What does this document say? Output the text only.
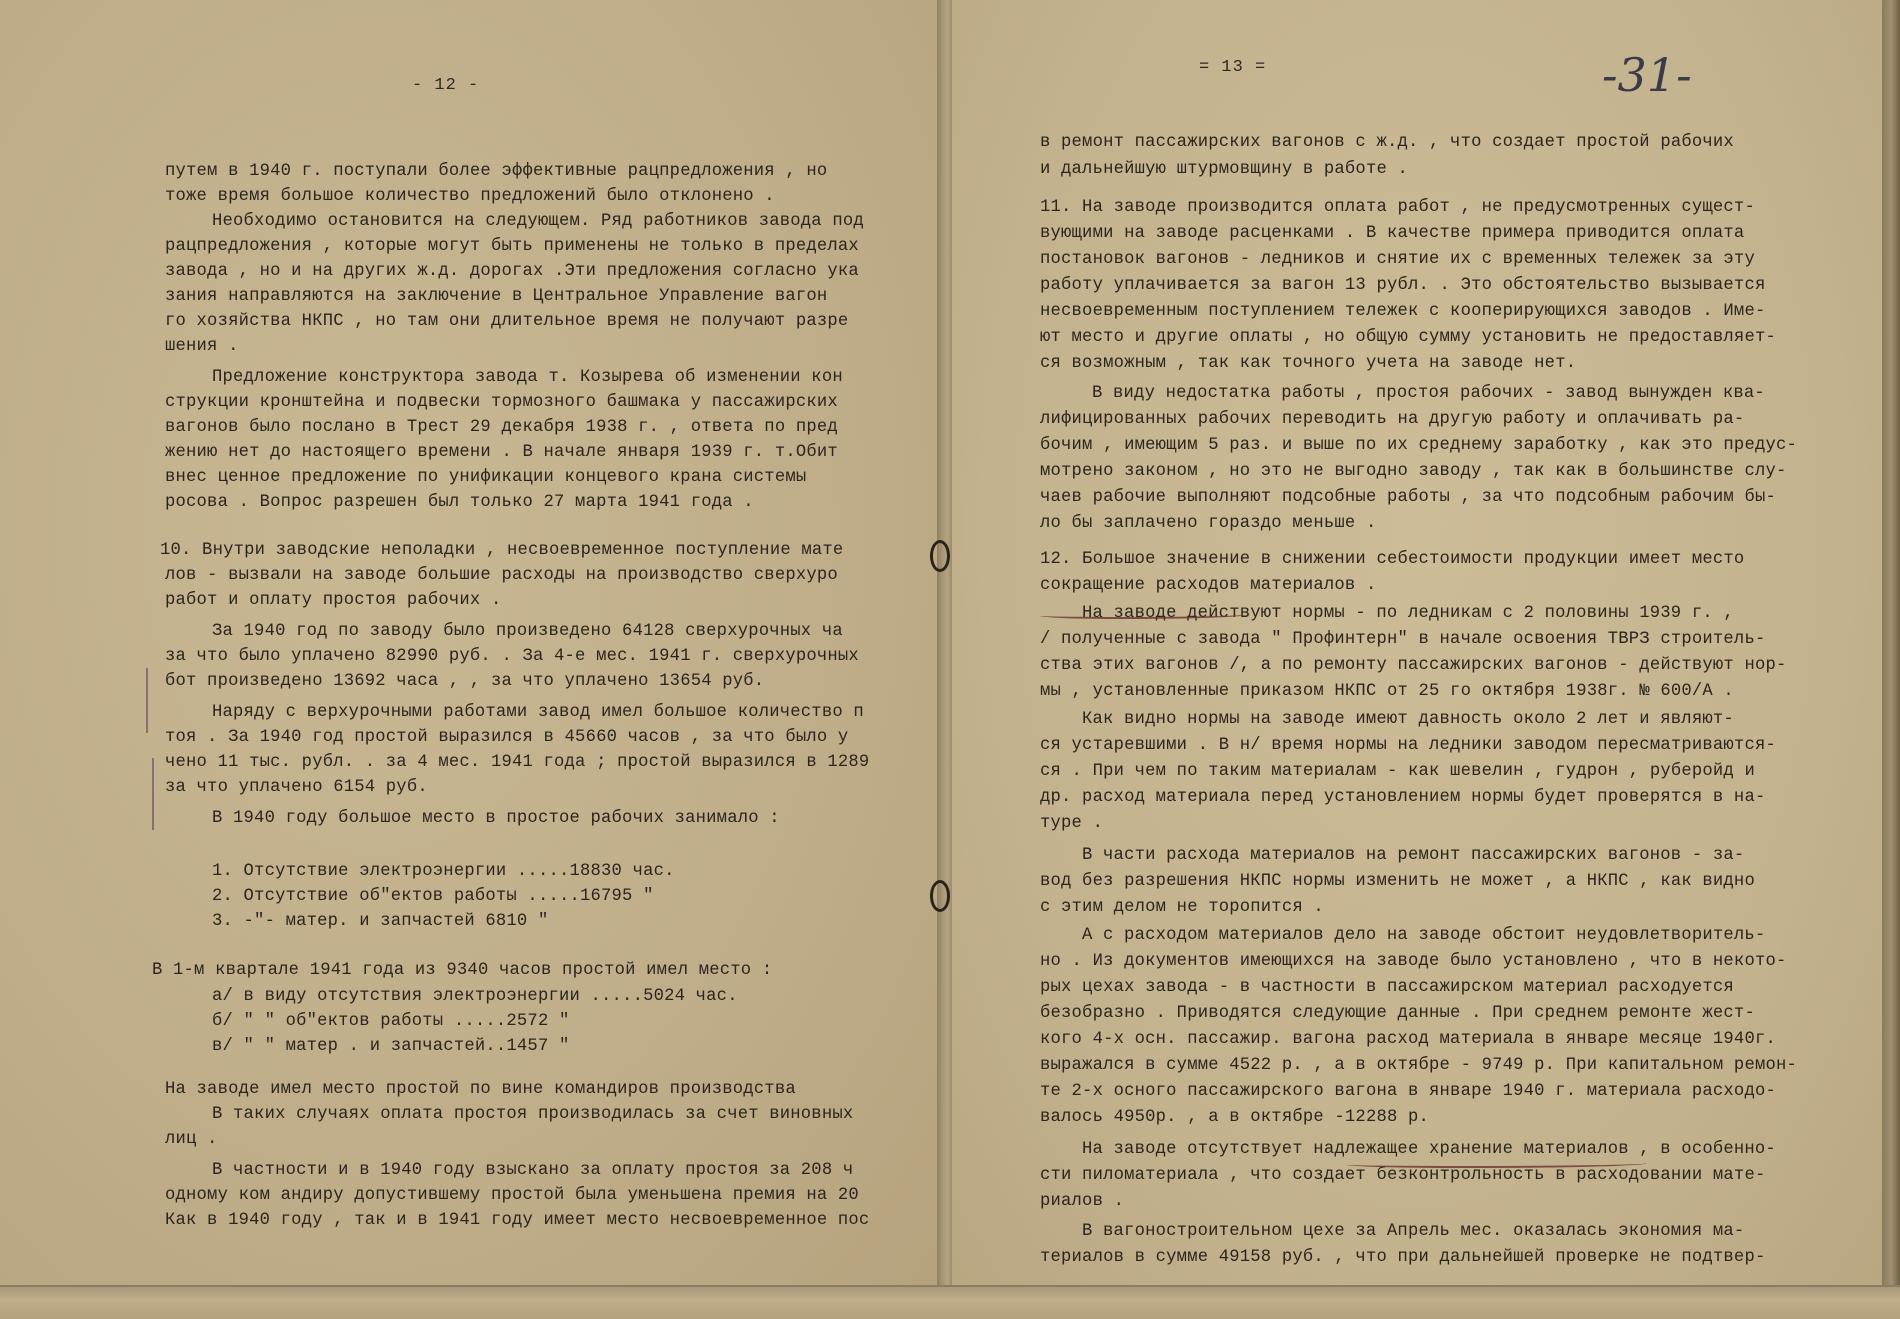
- 12 -
путем в 1940 г. поступали более эффективные рацпредложения , но
тоже время большое количество предложений было отклонено .
Необходимо остановится на следующем. Ряд работников завода под
рацпредложения , которые могут быть применены не только в пределах
завода , но и на других ж.д. дорогах .Эти предложения согласно ука
зания направляются на заключение в Центральное Управление вагон
го хозяйства НКПС , но там они длительное время не получают разре
шения .
Предложение конструктора завода т. Козырева об изменении кон
струкции кронштейна и подвески тормозного башмака у пассажирских
вагонов было послано в Трест 29 декабря 1938 г. , ответа по пред
жению нет до настоящего времени . В начале января 1939 г. т.Обит
внес ценное предложение по унификации концевого крана системы
росова . Вопрос разрешен был только 27 марта 1941 года .
10. Внутри заводские неполадки , несвоевременное поступление мате
лов - вызвали на заводе большие расходы на производство сверхуро
работ и оплату простоя рабочих .
За 1940 год по заводу было произведено 64128 сверхурочных ча
за что было уплачено 82990 руб. . За 4-е мес. 1941 г. сверхурочных
бот произведено 13692 часа , , за что уплачено 13654 руб.
Наряду с верхурочными работами завод имел большое количество п
тоя . За 1940 год простой выразился в 45660 часов , за что было у
чено 11 тыс. рубл. . за 4 мес. 1941 года ; простой выразился в 1289
за что уплачено 6154 руб.
В 1940 году большое место в простое рабочих занимало :
1. Отсутствие электроэнергии .....18830 час.
2. Отсутствие об"ектов работы .....16795 "
3. -"- матер. и запчастей 6810 "
В 1-м квартале 1941 года из 9340 часов простой имел место :
а/ в виду отсутствия электроэнергии .....5024 час.
б/ " " об"ектов работы .....2572 "
в/ " " матер . и запчастей..1457 "
На заводе имел место простой по вине командиров производства
В таких случаях оплата простоя производилась за счет виновных
лиц .
В частности и в 1940 году взыскано за оплату простоя за 208 ч
одному ком андиру допустившему простой была уменьшена премия на 20
Как в 1940 году , так и в 1941 году имеет место несвоевременное пос
= 13 =	-31-
в ремонт пассажирских вагонов с ж.д. , что создает простой рабочих
и дальнейшую штурмовщину в работе .
11. На заводе производится оплата работ , не предусмотренных сущест-
вующими на заводе расценками . В качестве примера приводится оплата
постановок вагонов - ледников и снятие их с временных тележек за эту
работу уплачивается за вагон 13 рубл. . Это обстоятельство вызывается
несвоевременным поступлением тележек с кооперирующихся заводов . Име-
ют место и другие оплаты , но общую сумму установить не предоставляет-
ся возможным , так как точного учета на заводе нет.
В виду недостатка работы , простоя рабочих - завод вынужден ква-
лифицированных рабочих переводить на другую работу и оплачивать ра-
бочим , имеющим 5 раз. и выше по их среднему заработку , как это предус-
мотрено законом , но это не выгодно заводу , так как в большинстве слу-
чаев рабочие выполняют подсобные работы , за что подсобным рабочим бы-
ло бы заплачено гораздо меньше .
12. Большое значение в снижении себестоимости продукции имеет место
сокращение расходов материалов .
На заводе действуют нормы - по ледникам с 2 половины 1939 г. ,
/ полученные с завода " Профинтерн" в начале освоения ТВРЗ строитель-
ства этих вагонов /, а по ремонту пассажирских вагонов - действуют нор-
мы , установленные приказом НКПС от 25 го октября 1938г. № 600/А .
Как видно нормы на заводе имеют давность около 2 лет и являют-
ся устаревшими . В н/ время нормы на ледники заводом пересматриваются-
ся . При чем по таким материалам - как шевелин , гудрон , руберойд и
др. расход материала перед установлением нормы будет проверятся в на-
туре .
В части расхода материалов на ремонт пассажирских вагонов - за-
вод без разрешения НКПС нормы изменить не может , а НКПС , как видно
с этим делом не торопится .
А с расходом материалов дело на заводе обстоит неудовлетворитель-
но . Из документов имеющихся на заводе было установлено , что в некото-
рых цехах завода - в частности в пассажирском материал расходуется
безобразно . Приводятся следующие данные . При среднем ремонте жест-
кого 4-х осн. пассажир. вагона расход материала в январе месяце 1940г.
выражался в сумме 4522 р. , а в октябре - 9749 р. При капитальном ремон-
те 2-х осного пассажирского вагона в январе 1940 г. материала расходо-
валось 4950р. , а в октябре -12288 р.
На заводе отсутствует надлежащее хранение материалов , в особенно-
сти пиломатериала , что создает безконтрольность в расходовании мате-
риалов .
В вагоностроительном цехе за Апрель мес. оказалась экономия ма-
териалов в сумме 49158 руб. , что при дальнейшей проверке не подтвер-
